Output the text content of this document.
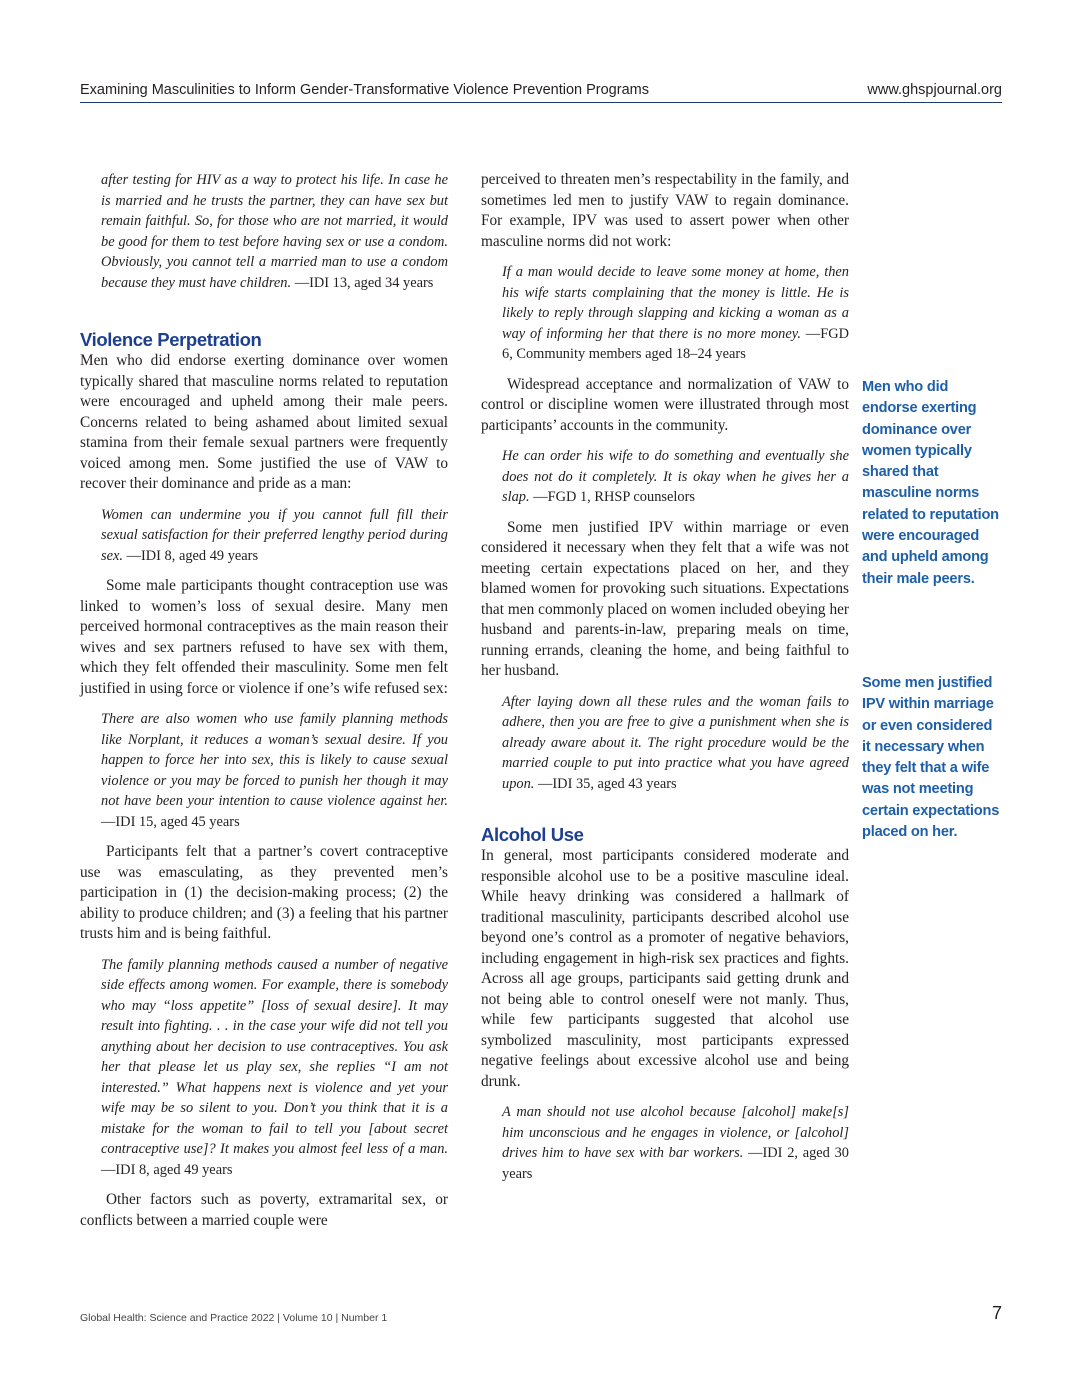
Examining Masculinities to Inform Gender-Transformative Violence Prevention Programs	www.ghspjournal.org

after testing for HIV as a way to protect his life. In case he is married and he trusts the partner, they can have sex but remain faithful. So, for those who are not married, it would be good for them to test before having sex or use a condom. Obviously, you cannot tell a married man to use a condom because they must have children. —IDI 13, aged 34 years

Violence Perpetration

Men who did endorse exerting dominance over women typically shared that masculine norms related to reputation were encouraged and upheld among their male peers. Concerns related to being ashamed about limited sexual stamina from their female sexual partners were frequently voiced among men. Some justified the use of VAW to recover their dominance and pride as a man:

Women can undermine you if you cannot full fill their sexual satisfaction for their preferred lengthy period during sex. —IDI 8, aged 49 years

Some male participants thought contraception use was linked to women’s loss of sexual desire. Many men perceived hormonal contraceptives as the main reason their wives and sex partners refused to have sex with them, which they felt offended their masculinity. Some men felt justified in using force or violence if one’s wife refused sex:

There are also women who use family planning methods like Norplant, it reduces a woman’s sexual desire. If you happen to force her into sex, this is likely to cause sexual violence or you may be forced to punish her though it may not have been your intention to cause violence against her. —IDI 15, aged 45 years

Participants felt that a partner’s covert contraceptive use was emasculating, as they prevented men’s participation in (1) the decision-making process; (2) the ability to produce children; and (3) a feeling that his partner trusts him and is being faithful.

The family planning methods caused a number of negative side effects among women. For example, there is somebody who may “loss appetite” [loss of sexual desire]. It may result into fighting. . . in the case your wife did not tell you anything about her decision to use contraceptives. You ask her that please let us play sex, she replies “I am not interested.” What happens next is violence and yet your wife may be so silent to you. Don’t you think that it is a mistake for the woman to fail to tell you [about secret contraceptive use]? It makes you almost feel less of a man. —IDI 8, aged 49 years

Other factors such as poverty, extramarital sex, or conflicts between a married couple were

perceived to threaten men’s respectability in the family, and sometimes led men to justify VAW to regain dominance. For example, IPV was used to assert power when other masculine norms did not work:

If a man would decide to leave some money at home, then his wife starts complaining that the money is little. He is likely to reply through slapping and kicking a woman as a way of informing her that there is no more money. —FGD 6, Community members aged 18–24 years

Widespread acceptance and normalization of VAW to control or discipline women were illustrated through most participants’ accounts in the community.

He can order his wife to do something and eventually she does not do it completely. It is okay when he gives her a slap. —FGD 1, RHSP counselors

Some men justified IPV within marriage or even considered it necessary when they felt that a wife was not meeting certain expectations placed on her, and they blamed women for provoking such situations. Expectations that men commonly placed on women included obeying her husband and parents-in-law, preparing meals on time, running errands, cleaning the home, and being faithful to her husband.

After laying down all these rules and the woman fails to adhere, then you are free to give a punishment when she is already aware about it. The right procedure would be the married couple to put into practice what you have agreed upon. —IDI 35, aged 43 years

Alcohol Use

In general, most participants considered moderate and responsible alcohol use to be a positive masculine ideal. While heavy drinking was considered a hallmark of traditional masculinity, participants described alcohol use beyond one’s control as a promoter of negative behaviors, including engagement in high-risk sex practices and fights. Across all age groups, participants said getting drunk and not being able to control oneself were not manly. Thus, while few participants suggested that alcohol use symbolized masculinity, most participants expressed negative feelings about excessive alcohol use and being drunk.

A man should not use alcohol because [alcohol] make[s] him unconscious and he engages in violence, or [alcohol] drives him to have sex with bar workers. —IDI 2, aged 30 years

Men who did endorse exerting dominance over women typically shared that masculine norms related to reputation were encouraged and upheld among their male peers.
Some men justified IPV within marriage or even considered it necessary when they felt that a wife was not meeting certain expectations placed on her.
Global Health: Science and Practice 2022 | Volume 10 | Number 1	7
